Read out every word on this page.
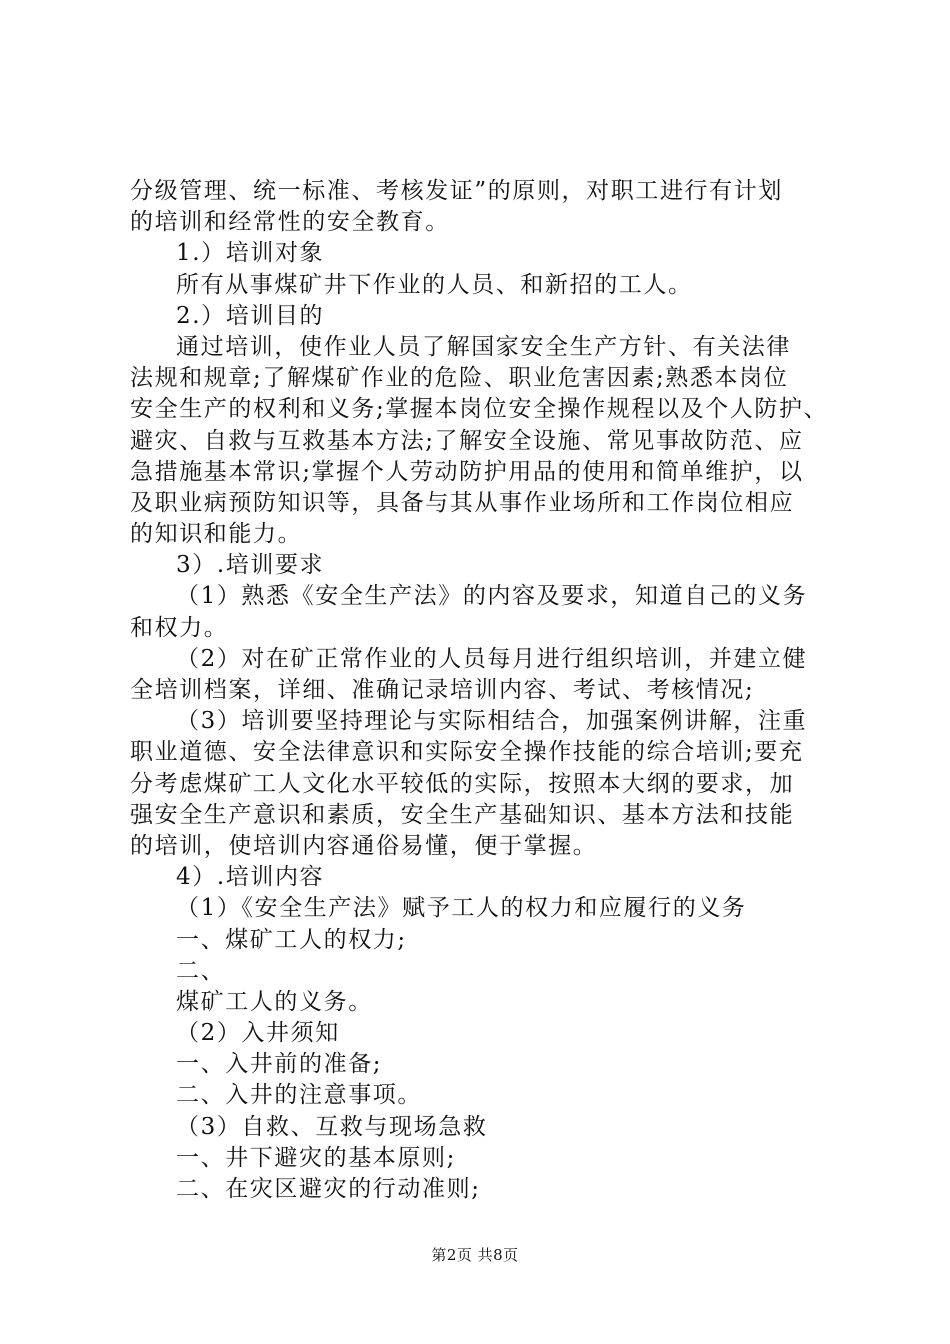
分级管理、统一标准、考核发证”的原则，对职工进行有计划
的培训和经常性的安全教育。
1.）培训对象
所有从事煤矿井下作业的人员、和新招的工人。
2.）培训目的
通过培训，使作业人员了解国家安全生产方针、有关法律
法规和规章;了解煤矿作业的危险、职业危害因素;熟悉本岗位
安全生产的权利和义务;掌握本岗位安全操作规程以及个人防护、
避灾、自救与互救基本方法;了解安全设施、常见事故防范、应
急措施基本常识;掌握个人劳动防护用品的使用和简单维护，以
及职业病预防知识等，具备与其从事作业场所和工作岗位相应
的知识和能力。
3）.培训要求
（1）熟悉《安全生产法》的内容及要求，知道自己的义务
和权力。
（2）对在矿正常作业的人员每月进行组织培训，并建立健
全培训档案，详细、准确记录培训内容、考试、考核情况;
（3）培训要坚持理论与实际相结合，加强案例讲解，注重
职业道德、安全法律意识和实际安全操作技能的综合培训;要充
分考虑煤矿工人文化水平较低的实际，按照本大纲的要求，加
强安全生产意识和素质，安全生产基础知识、基本方法和技能
的培训，使培训内容通俗易懂，便于掌握。
4）.培训内容
（1）《安全生产法》赋予工人的权力和应履行的义务
一、煤矿工人的权力;
二、
煤矿工人的义务。
（2）入井须知
一、入井前的准备;
二、入井的注意事项。
（3）自救、互救与现场急救
一、井下避灾的基本原则;
二、在灾区避灾的行动准则;
第2页 共8页
